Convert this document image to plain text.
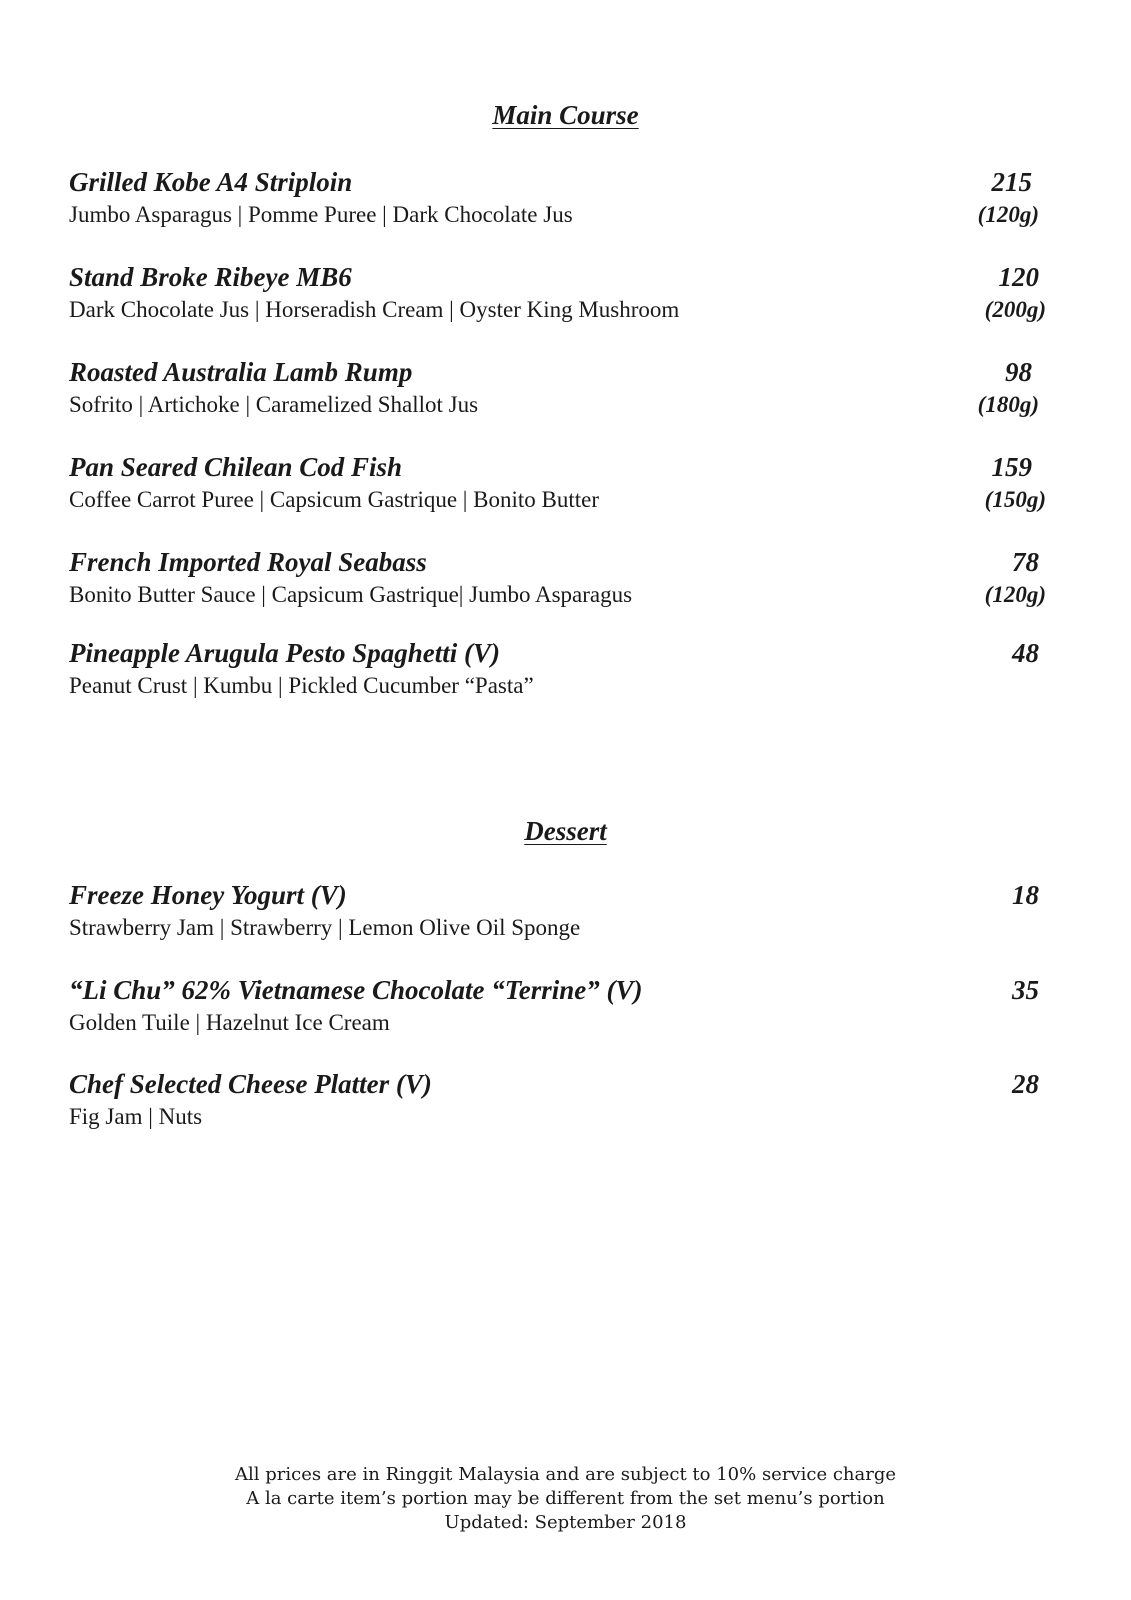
Main Course
Grilled Kobe A4 Striploin
Jumbo Asparagus | Pomme Puree | Dark Chocolate Jus
215
(120g)
Stand Broke Ribeye MB6
Dark Chocolate Jus | Horseradish Cream | Oyster King Mushroom
120
(200g)
Roasted Australia Lamb Rump
Sofrito | Artichoke | Caramelized Shallot Jus
98
(180g)
Pan Seared Chilean Cod Fish
Coffee Carrot Puree | Capsicum Gastrique | Bonito Butter
159
(150g)
French Imported Royal Seabass
Bonito Butter Sauce | Capsicum Gastrique| Jumbo Asparagus
78
(120g)
Pineapple Arugula Pesto Spaghetti (V)
Peanut Crust | Kumbu | Pickled Cucumber “Pasta”
48
Dessert
Freeze Honey Yogurt (V)
Strawberry Jam | Strawberry | Lemon Olive Oil Sponge
18
“Li Chu” 62% Vietnamese Chocolate “Terrine” (V)
Golden Tuile | Hazelnut Ice Cream
35
Chef Selected Cheese Platter (V)
Fig Jam | Nuts
28
All prices are in Ringgit Malaysia and are subject to 10% service charge
A la carte item’s portion may be different from the set menu’s portion
Updated: September 2018
